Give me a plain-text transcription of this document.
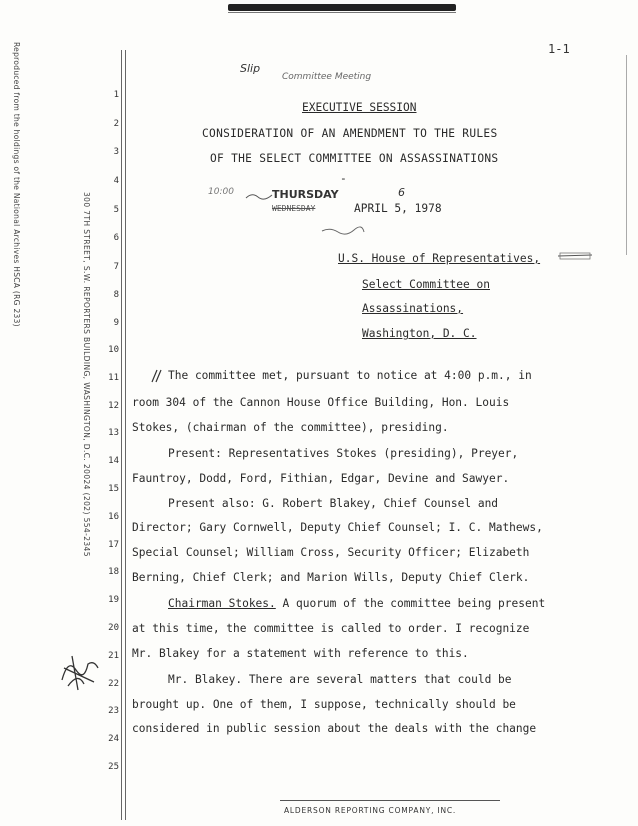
1-1
Reproduced from the holdings of the National Archives HSCA (RG 233)
300 7TH STREET, S.W. REPORTERS BUILDING, WASHINGTON, D.C. 20024 (202) 554-2345
1
2
3
4
5
6
7
8
9
10
11
12
13
14
15
16
17
18
19
20
21
22
23
24
25
Slip
Committee Meeting
EXECUTIVE SESSION
CONSIDERATION OF AN AMENDMENT TO THE RULES
OF THE SELECT COMMITTEE ON ASSASSINATIONS
-
10:00	THURSDAY
WEDNESDAY
6
APRIL 5, 1978
U.S. House of Representatives,
Select Committee on
Assassinations,
Washington, D. C.
The committee met, pursuant to notice at 4:00 p.m., in
room 304 of the Cannon House Office Building, Hon. Louis
Stokes, (chairman of the committee), presiding.
Present: Representatives Stokes (presiding), Preyer,
Fauntroy, Dodd, Ford, Fithian, Edgar, Devine and Sawyer.
Present also: G. Robert Blakey, Chief Counsel and
Director; Gary Cornwell, Deputy Chief Counsel; I. C. Mathews,
Special Counsel; William Cross, Security Officer; Elizabeth
Berning, Chief Clerk; and Marion Wills, Deputy Chief Clerk.
Chairman Stokes. A quorum of the committee being present
at this time, the committee is called to order. I recognize
Mr. Blakey for a statement with reference to this.
Mr. Blakey. There are several matters that could be
brought up. One of them, I suppose, technically should be
considered in public session about the deals with the change
ALDERSON REPORTING COMPANY, INC.
